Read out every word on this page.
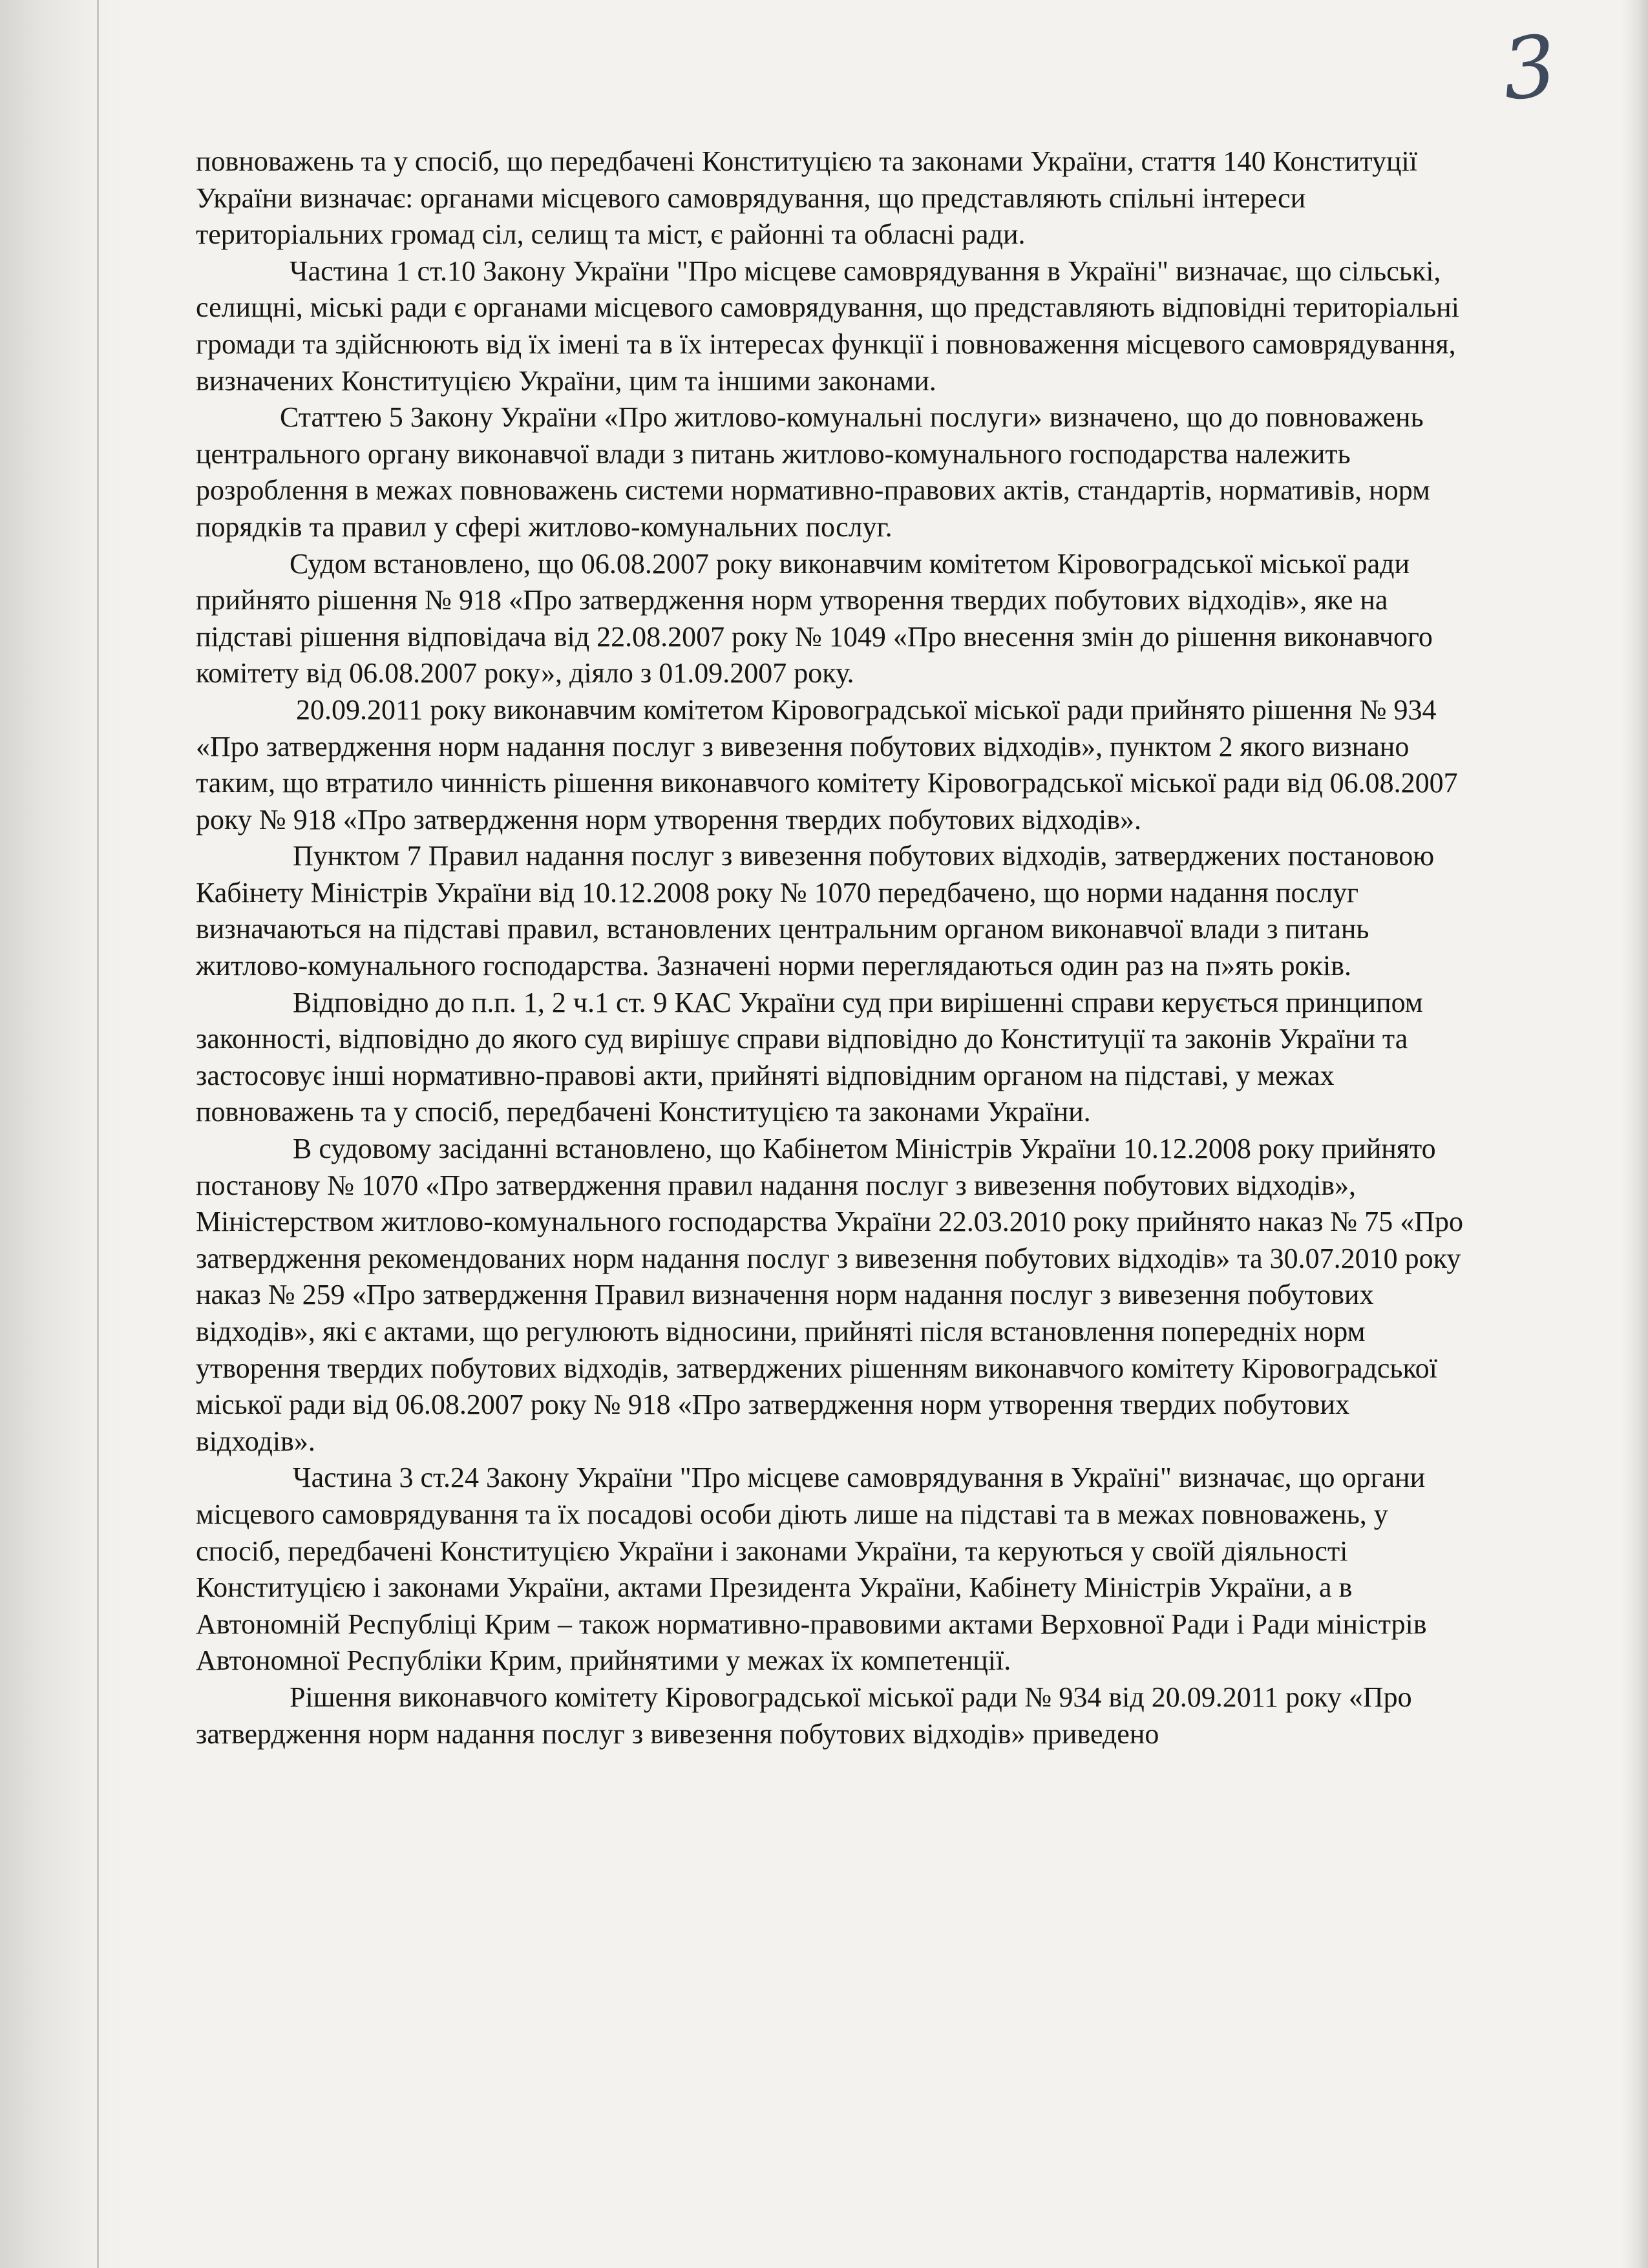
3

повноважень та у спосіб, що передбачені Конституцією та законами України, стаття 140 Конституції України визначає: органами місцевого самоврядування, що представляють спільні інтереси територіальних громад сіл, селищ та міст, є районні та обласні ради.

Частина 1 ст.10 Закону України "Про місцеве самоврядування в Україні" визначає, що сільські, селищні, міські ради є органами місцевого самоврядування, що представляють відповідні територіальні громади та здійснюють від їх імені та в їх інтересах функції і повноваження місцевого самоврядування, визначених Конституцією України, цим та іншими законами.

Статтею 5 Закону України «Про житлово-комунальні послуги» визначено, що до повноважень центрального органу виконавчої влади з питань житлово-комунального господарства належить розроблення в межах повноважень системи нормативно-правових актів, стандартів, нормативів, норм порядків та правил у сфері житлово-комунальних послуг.

Судом встановлено, що 06.08.2007 року виконавчим комітетом Кіровоградської міської ради прийнято рішення № 918 «Про затвердження норм утворення твердих побутових відходів», яке на підставі рішення відповідача від 22.08.2007 року № 1049 «Про внесення змін до рішення виконавчого комітету від 06.08.2007 року», діяло з 01.09.2007 року.

20.09.2011 року виконавчим комітетом Кіровоградської міської ради прийнято рішення № 934 «Про затвердження норм надання послуг з вивезення побутових відходів», пунктом 2 якого визнано таким, що втратило чинність рішення виконавчого комітету Кіровоградської міської ради від 06.08.2007 року № 918 «Про затвердження норм утворення твердих побутових відходів».

Пунктом 7 Правил надання послуг з вивезення побутових відходів, затверджених постановою Кабінету Міністрів України від 10.12.2008 року № 1070 передбачено, що норми надання послуг визначаються на підставі правил, встановлених центральним органом виконавчої влади з питань житлово-комунального господарства. Зазначені норми переглядаються один раз на п»ять років.

Відповідно до п.п. 1, 2 ч.1 ст. 9 КАС України суд при вирішенні справи керується принципом законності, відповідно до якого суд вирішує справи відповідно до Конституції та законів України та застосовує інші нормативно-правові акти, прийняті відповідним органом на підставі, у межах повноважень та у спосіб, передбачені Конституцією та законами України.

В судовому засіданні встановлено, що Кабінетом Міністрів України 10.12.2008 року прийнято постанову № 1070 «Про затвердження правил надання послуг з вивезення побутових відходів», Міністерством житлово-комунального господарства України 22.03.2010 року прийнято наказ № 75 «Про затвердження рекомендованих норм надання послуг з вивезення побутових відходів» та 30.07.2010 року наказ № 259 «Про затвердження Правил визначення норм надання послуг з вивезення побутових відходів», які є актами, що регулюють відносини, прийняті після встановлення попередніх норм утворення твердих побутових відходів, затверджених рішенням виконавчого комітету Кіровоградської міської ради від 06.08.2007 року № 918 «Про затвердження норм утворення твердих побутових відходів».

Частина 3 ст.24 Закону України "Про місцеве самоврядування в Україні" визначає, що органи місцевого самоврядування та їх посадові особи діють лише на підставі та в межах повноважень, у спосіб, передбачені Конституцією України і законами України, та керуються у своїй діяльності Конституцією і законами України, актами Президента України, Кабінету Міністрів України, а в Автономній Республіці Крим – також нормативно-правовими актами Верховної Ради і Ради міністрів Автономної Республіки Крим, прийнятими у межах їх компетенції.

Рішення виконавчого комітету Кіровоградської міської ради № 934 від 20.09.2011 року «Про затвердження норм надання послуг з вивезення побутових відходів» приведено
